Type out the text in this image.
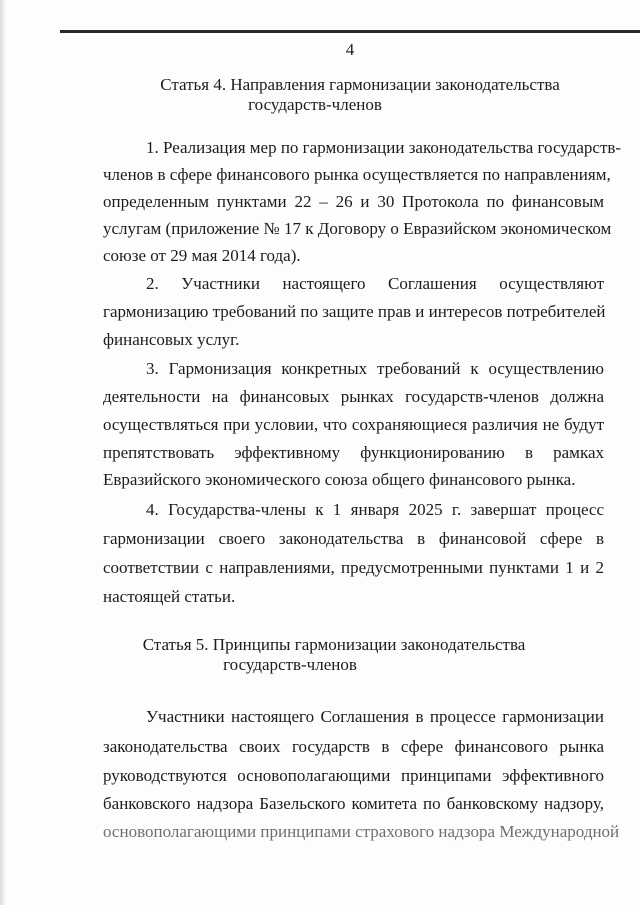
4
Статья 4. Направления гармонизации законодательства
государств-членов
1. Реализация мер по гармонизации законодательства государств-
членов в сфере финансового рынка осуществляется по направлениям,
определенным пунктами 22 – 26 и 30 Протокола по финансовым
услугам (приложение № 17 к Договору о Евразийском экономическом
союзе от 29 мая 2014 года).
2. Участники настоящего Соглашения осуществляют
гармонизацию требований по защите прав и интересов потребителей
финансовых услуг.
3. Гармонизация конкретных требований к осуществлению
деятельности на финансовых рынках государств-членов должна
осуществляться при условии, что сохраняющиеся различия не будут
препятствовать эффективному функционированию в рамках
Евразийского экономического союза общего финансового рынка.
4. Государства-члены к 1 января 2025 г. завершат процесс
гармонизации своего законодательства в финансовой сфере в
соответствии с направлениями, предусмотренными пунктами 1 и 2
настоящей статьи.
Статья 5. Принципы гармонизации законодательства
государств-членов
Участники настоящего Соглашения в процессе гармонизации
законодательства своих государств в сфере финансового рынка
руководствуются основополагающими принципами эффективного
банковского надзора Базельского комитета по банковскому надзору,
основополагающими принципами страхового надзора Международной
